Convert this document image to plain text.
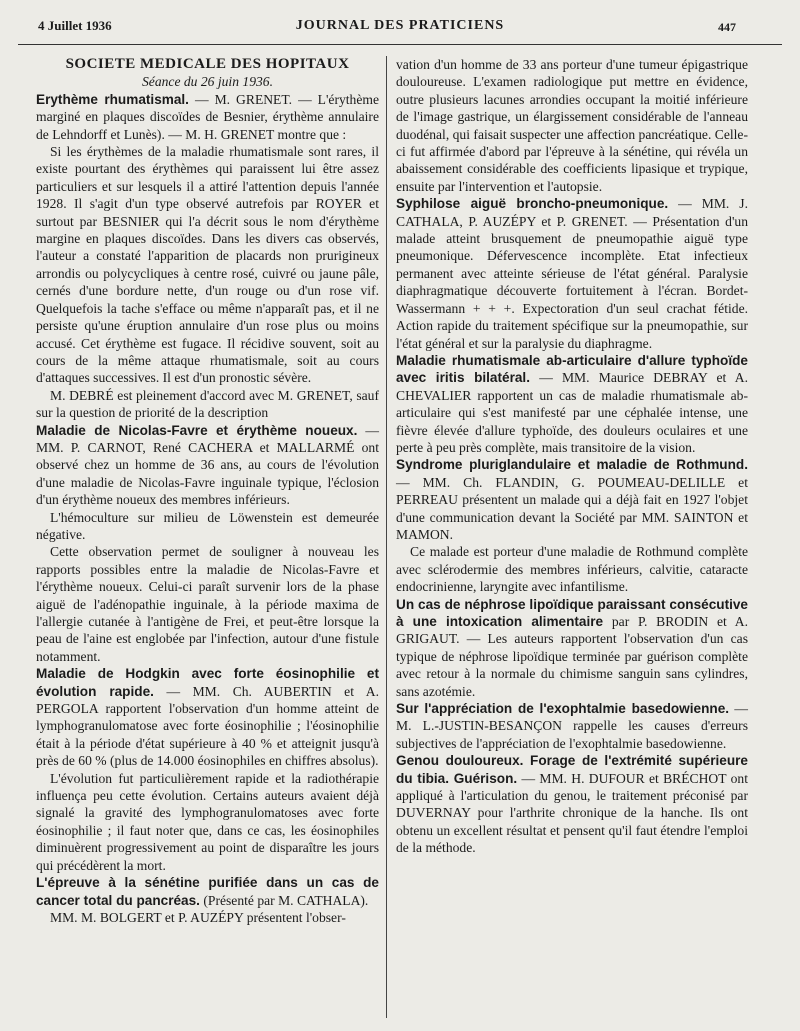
4 Juillet 1936	JOURNAL DES PRATICIENS	447

SOCIETE MEDICALE DES HOPITAUX

Séance du 26 juin 1936.

Erythème rhumatismal. — M. GRENET. — L'érythème marginé en plaques discoïdes de Besnier, érythème annulaire de Lehndorff et Lunès). — M. H. GRENET montre que :

Si les érythèmes de la maladie rhumatismale sont rares, il existe pourtant des érythèmes qui paraissent lui être assez particuliers et sur lesquels il a attiré l'attention depuis l'année 1928. Il s'agit d'un type observé autrefois par ROYER et surtout par BESNIER qui l'a décrit sous le nom d'érythème margine en plaques discoïdes. Dans les divers cas observés, l'auteur a constaté l'apparition de placards non prurigineux arrondis ou polycycliques à centre rosé, cuivré ou jaune pâle, cernés d'une bordure nette, d'un rouge ou d'un rose vif. Quelquefois la tache s'efface ou même n'apparaît pas, et il ne persiste qu'une éruption annulaire d'un rose plus ou moins accusé. Cet érythème est fugace. Il récidive souvent, soit au cours de la même attaque rhumatismale, soit au cours d'attaques successives. Il est d'un pronostic sévère.

M. DEBRÉ est pleinement d'accord avec M. GRENET, sauf sur la question de priorité de la description

Maladie de Nicolas-Favre et érythème noueux. — MM. P. CARNOT, René CACHERA et MALLARMÉ ont observé chez un homme de 36 ans, au cours de l'évolution d'une maladie de Nicolas-Favre inguinale typique, l'éclosion d'un érythème noueux des membres inférieurs.

L'hémoculture sur milieu de Löwenstein est demeurée négative.

Cette observation permet de souligner à nouveau les rapports possibles entre la maladie de Nicolas-Favre et l'érythème noueux. Celui-ci paraît survenir lors de la phase aiguë de l'adénopathie inguinale, à la période maxima de l'allergie cutanée à l'antigène de Frei, et peut-être lorsque la peau de l'aine est englobée par l'infection, autour d'une fistule notamment.

Maladie de Hodgkin avec forte éosinophilie et évolution rapide. — MM. Ch. AUBERTIN et A. PERGOLA rapportent l'observation d'un homme atteint de lymphogranulomatose avec forte éosinophilie ; l'éosinophilie était à la période d'état supérieure à 40 % et atteignit jusqu'à près de 60 % (plus de 14.000 éosinophiles en chiffres absolus).

L'évolution fut particulièrement rapide et la radiothérapie influença peu cette évolution. Certains auteurs avaient déjà signalé la gravité des lymphogranulomatoses avec forte éosinophilie ; il faut noter que, dans ce cas, les éosinophiles diminuèrent progressivement au point de disparaître les jours qui précédèrent la mort.

L'épreuve à la sénétine purifiée dans un cas de cancer total du pancréas. (Présenté par M. CATHALA).

MM. M. BOLGERT et P. AUZÉPY présentent l'obser-

vation d'un homme de 33 ans porteur d'une tumeur épigastrique douloureuse. L'examen radiologique put mettre en évidence, outre plusieurs lacunes arrondies occupant la moitié inférieure de l'image gastrique, un élargissement considérable de l'anneau duodénal, qui faisait suspecter une affection pancréatique. Celle-ci fut affirmée d'abord par l'épreuve à la sénétine, qui révéla un abaissement considérable des coefficients lipasique et trypique, ensuite par l'intervention et l'autopsie.

Syphilose aiguë broncho-pneumonique. — MM. J. CATHALA, P. AUZÉPY et P. GRENET. — Présentation d'un malade atteint brusquement de pneumopathie aiguë type pneumonique. Défervescence incomplète. Etat infectieux permanent avec atteinte sérieuse de l'état général. Paralysie diaphragmatique découverte fortuitement à l'écran. Bordet-Wassermann + + +. Expectoration d'un seul crachat fétide. Action rapide du traitement spécifique sur la pneumopathie, sur l'état général et sur la paralysie du diaphragme.

Maladie rhumatismale ab-articulaire d'allure typhoïde avec iritis bilatéral. — MM. Maurice DEBRAY et A. CHEVALIER rapportent un cas de maladie rhumatismale ab-articulaire qui s'est manifesté par une céphalée intense, une fièvre élevée d'allure typhoïde, des douleurs oculaires et une perte à peu près complète, mais transitoire de la vision.

Syndrome pluriglandulaire et maladie de Rothmund. — MM. Ch. FLANDIN, G. POUMEAU-DELILLE et PERREAU présentent un malade qui a déjà fait en 1927 l'objet d'une communication devant la Société par MM. SAINTON et MAMON.

Ce malade est porteur d'une maladie de Rothmund complète avec sclérodermie des membres inférieurs, calvitie, cataracte endocrinienne, laryngite avec infantilisme.

Un cas de néphrose lipoïdique paraissant consécutive à une intoxication alimentaire par P. BRODIN et A. GRIGAUT. — Les auteurs rapportent l'observation d'un cas typique de néphrose lipoïdique terminée par guérison complète avec retour à la normale du chimisme sanguin sans cylindres, sans azotémie.

Sur l'appréciation de l'exophtalmie basedowienne. — M. L.-JUSTIN-BESANÇON rappelle les causes d'erreurs subjectives de l'appréciation de l'exophtalmie basedowienne.

Genou douloureux. Forage de l'extrémité supérieure du tibia. Guérison. — MM. H. DUFOUR et BRÉCHOT ont appliqué à l'articulation du genou, le traitement préconisé par DUVERNAY pour l'arthrite chronique de la hanche. Ils ont obtenu un excellent résultat et pensent qu'il faut étendre l'emploi de la méthode.
